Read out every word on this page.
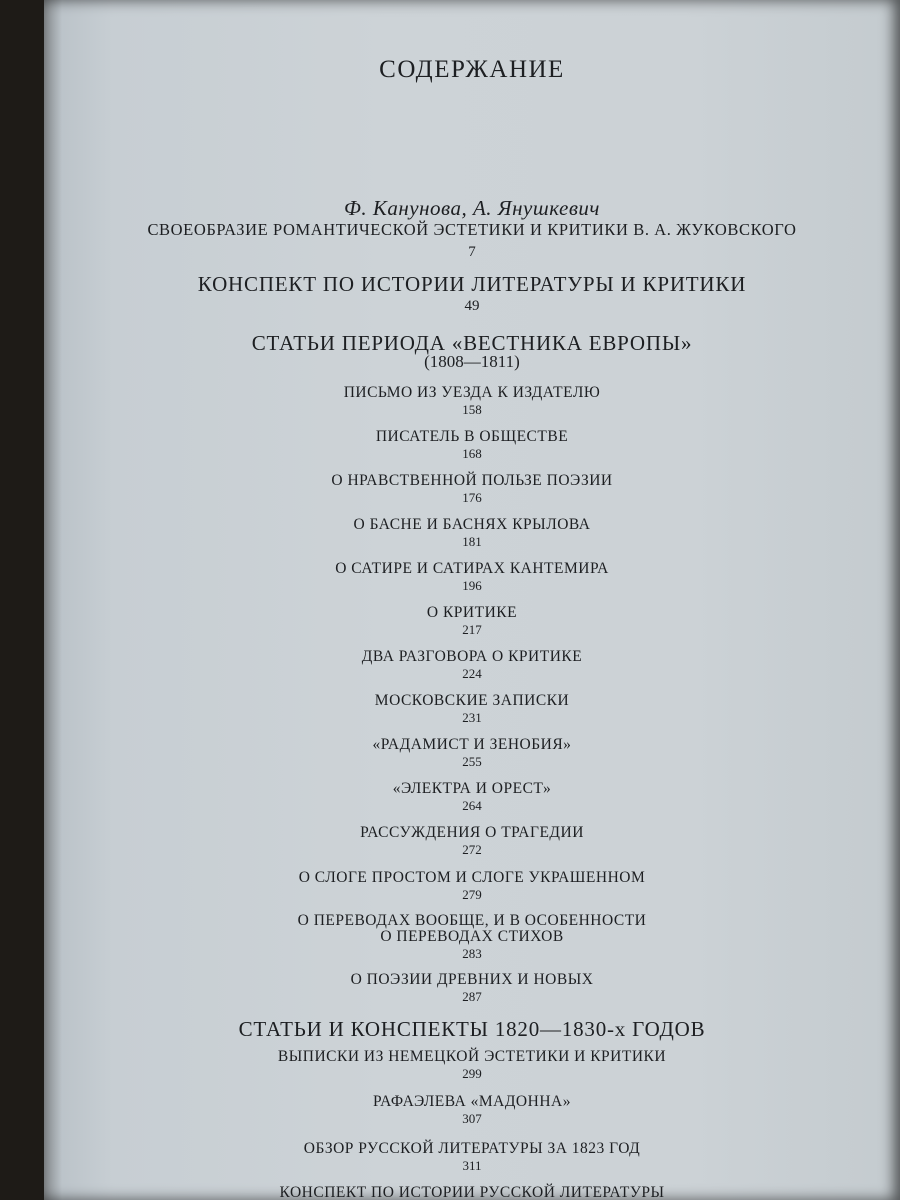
СОДЕРЖАНИЕ
Ф. Канунова, А. Янушкевич
СВОЕОБРАЗИЕ РОМАНТИЧЕСКОЙ ЭСТЕТИКИ И КРИТИКИ В. А. ЖУКОВСКОГО
7
КОНСПЕКТ ПО ИСТОРИИ ЛИТЕРАТУРЫ И КРИТИКИ
49
СТАТЬИ ПЕРИОДА «ВЕСТНИКА ЕВРОПЫ»
(1808—1811)
ПИСЬМО ИЗ УЕЗДА К ИЗДАТЕЛЮ
158
ПИСАТЕЛЬ В ОБЩЕСТВЕ
168
О НРАВСТВЕННОЙ ПОЛЬЗЕ ПОЭЗИИ
176
О БАСНЕ И БАСНЯХ КРЫЛОВА
181
О САТИРЕ И САТИРАХ КАНТЕМИРА
196
О КРИТИКЕ
217
ДВА РАЗГОВОРА О КРИТИКЕ
224
МОСКОВСКИЕ ЗАПИСКИ
231
«РАДАМИСТ И ЗЕНОБИЯ»
255
«ЭЛЕКТРА И ОРЕСТ»
264
РАССУЖДЕНИЯ О ТРАГЕДИИ
272
О СЛОГЕ ПРОСТОМ И СЛОГЕ УКРАШЕННОМ
279
О ПЕРЕВОДАХ ВООБЩЕ, И В ОСОБЕННОСТИ
О ПЕРЕВОДАХ СТИХОВ
283
О ПОЭЗИИ ДРЕВНИХ И НОВЫХ
287
СТАТЬИ И КОНСПЕКТЫ 1820—1830-х ГОДОВ
ВЫПИСКИ ИЗ НЕМЕЦКОЙ ЭСТЕТИКИ И КРИТИКИ
299
РАФАЭЛЕВА «МАДОННА»
307
ОБЗОР РУССКОЙ ЛИТЕРАТУРЫ ЗА 1823 ГОД
311
КОНСПЕКТ ПО ИСТОРИИ РУССКОЙ ЛИТЕРАТУРЫ
